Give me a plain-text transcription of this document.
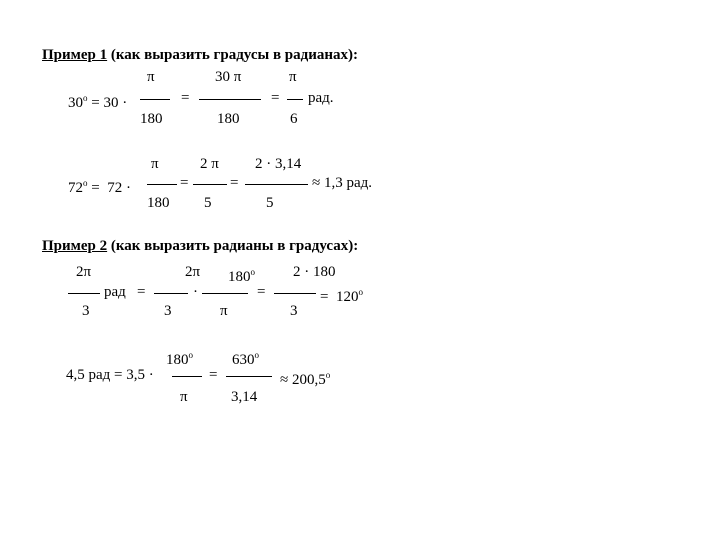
Пример 1 (как выразить градусы в радианах):
$30^o = 30$ ·
π
180
=
30 π
180
=
π
6
рад.
$72^o = 72$ ·
π
180
=
2 π
5
=
2 · 3,14
5
≈ 1,3 рад.
Пример 2 (как выразить радианы в градусах):
2π
3
рад =
2π
3
·
$180^o$
π
=
2 · 180
3
=  120$^o$
180$^o$
4,5 рад = 3,5 ·
π
=
$630^o$
3,14
≈ $200,5^o$
